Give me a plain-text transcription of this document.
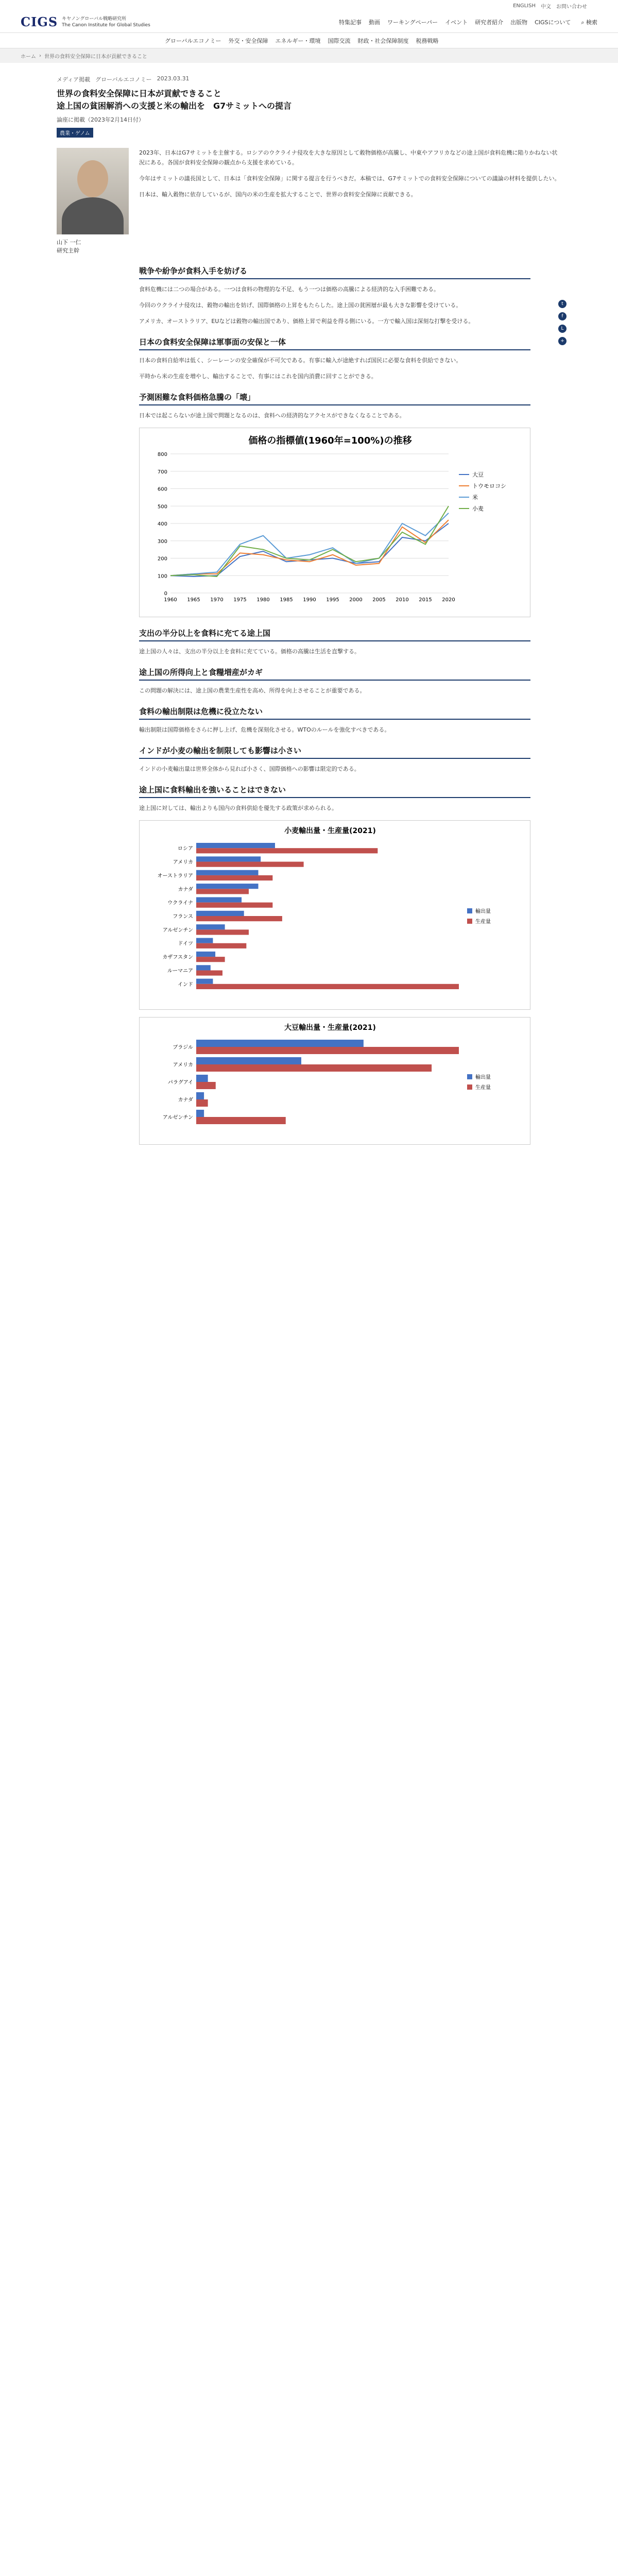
ENGLISH 中文 お問い合わせ
CIGS キヤノングローバル戦略研究所
The Canon Institute for Global Studies	特集記事 動画 ワーキングペーパー イベント 研究者紹介 出版物 CIGSについて ⌕ 検索
グローバルエコノミー 外交・安全保障 エネルギー・環境 国際交流 財政・社会保障制度 税務戦略
ホーム › 世界の食料安全保障に日本が貢献できること
メディア掲載 グローバルエコノミー 2023.03.31
世界の食料安全保障に日本が貢献できること
途上国の貧困解消への支援と米の輸出を　G7サミットへの提言
論座に掲載（2023年2月14日付）
農業・ゲノム
t
f
L
+
山下 一仁
研究主幹

2023年、日本はG7サミットを主催する。ロシアのウクライナ侵攻を大きな原因として穀物価格が高騰し、中東やアフリカなどの途上国が食料危機に陥りかねない状況にある。各国が食料安全保障の観点から支援を求めている。

今年はサミットの議長国として、日本は「食料安全保障」に関する提言を行うべきだ。本稿では、G7サミットでの食料安全保障についての議論の材料を提供したい。

日本は、輸入穀物に依存しているが、国内の米の生産を拡大することで、世界の食料安全保障に貢献できる。

戦争や紛争が食料入手を妨げる

食料危機には二つの場合がある。一つは食料の物理的な不足、もう一つは価格の高騰による経済的な入手困難である。

今回のウクライナ侵攻は、穀物の輸出を妨げ、国際価格の上昇をもたらした。途上国の貧困層が最も大きな影響を受けている。

アメリカ、オーストラリア、EUなどは穀物の輸出国であり、価格上昇で利益を得る側にいる。一方で輸入国は深刻な打撃を受ける。

日本の食料安全保障は軍事面の安保と一体

日本の食料自給率は低く、シーレーンの安全確保が不可欠である。有事に輸入が途絶すれば国民に必要な食料を供給できない。

平時から米の生産を増やし、輸出することで、有事にはこれを国内消費に回すことができる。

予測困難な食料価格急騰の「壊」

日本では起こらないが途上国で問題となるのは、食料への経済的なアクセスができなくなることである。

価格の指標値(1960年=100%)の推移
0
100
200
300
400
500
600
700
800
1960 1965 1970 1975 1980 1985 1990 1995 2000 2005 2010 2015 2020
大豆
トウモロコシ
米
小麦
支出の半分以上を食料に充てる途上国

途上国の人々は、支出の半分以上を食料に充てている。価格の高騰は生活を直撃する。

途上国の所得向上と食糧増産がカギ

この問題の解決には、途上国の農業生産性を高め、所得を向上させることが重要である。

食料の輸出制限は危機に役立たない

輸出制限は国際価格をさらに押し上げ、危機を深刻化させる。WTOのルールを強化すべきである。

インドが小麦の輸出を制限しても影響は小さい

インドの小麦輸出量は世界全体から見れば小さく、国際価格への影響は限定的である。

途上国に食料輸出を強いることはできない

途上国に対しては、輸出よりも国内の食料供給を優先する政策が求められる。

小麦輸出量・生産量(2021)
ロシア
アメリカ
オーストラリア
カナダ
ウクライナ
フランス
アルゼンチン
ドイツ
カザフスタン
ルーマニア
インド
輸出量
生産量
大豆輸出量・生産量(2021)
ブラジル
アメリカ
パラグアイ
カナダ
アルゼンチン
輸出量
生産量
